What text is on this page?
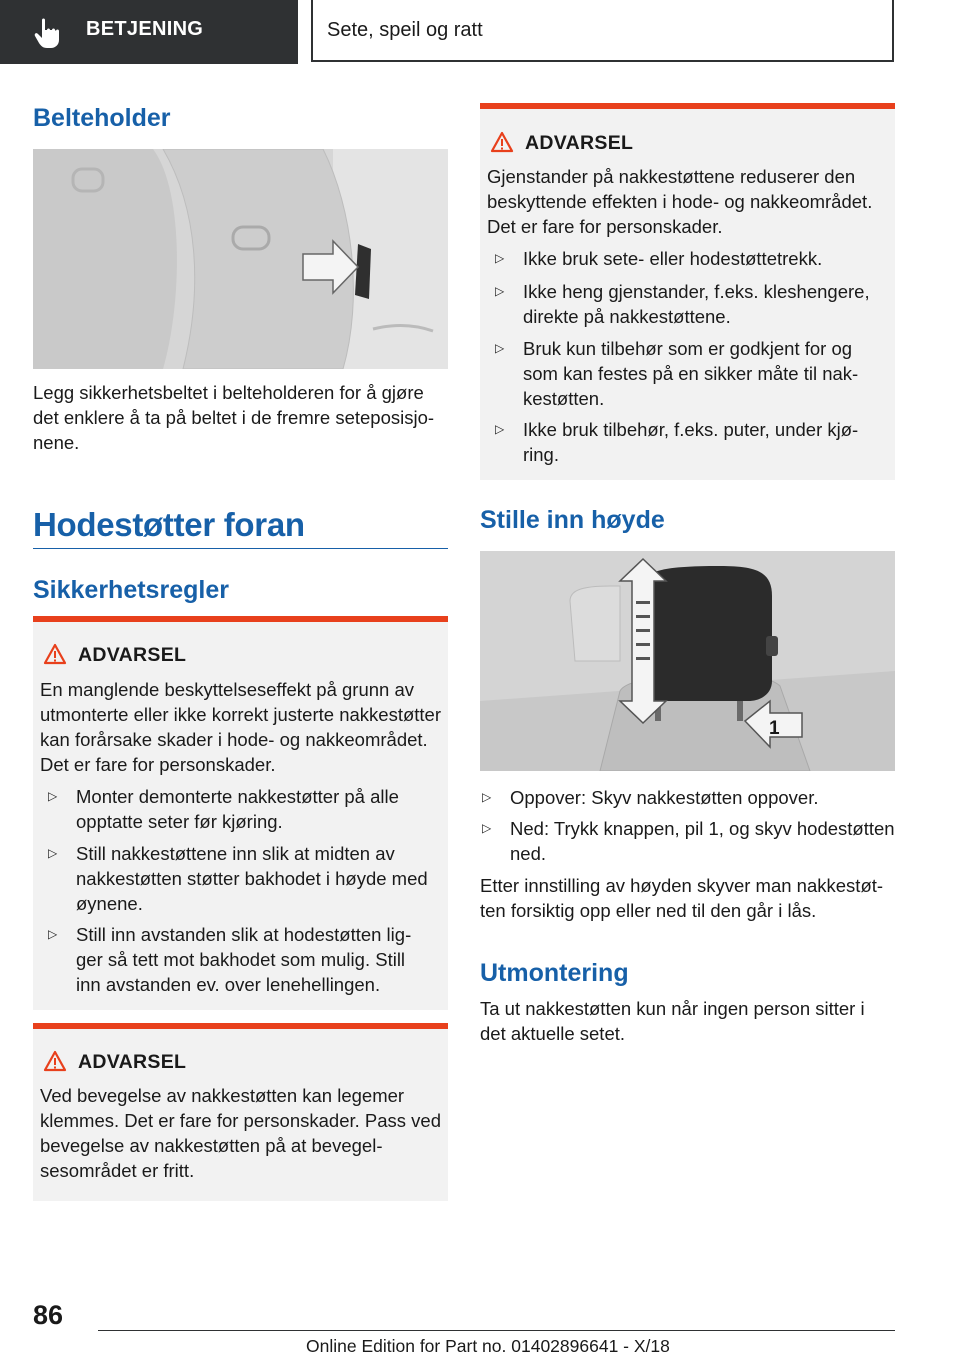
BETJENING	Sete, speil og ratt
Belteholder
Legg sikkerhetsbeltet i belteholderen for å gjøre det enklere å ta på beltet i de fremre seteposisjonene.
Hodestøtter foran
Sikkerhetsregler
ADVARSEL
En manglende beskyttelseseffekt på grunn av utmonterte eller ikke korrekt justerte nakkestøtter kan forårsake skader i hode- og nakkeområdet. Det er fare for personskader.
▷ Monter demonterte nakkestøtter på alle opptatte seter før kjøring.
▷ Still nakkestøttene inn slik at midten av nakkestøtten støtter bakhodet i høyde med øynene.
▷ Still inn avstanden slik at hodestøtten ligger så tett mot bakhodet som mulig. Still inn avstanden ev. over lenehellingen.
ADVARSEL
Ved bevegelse av nakkestøtten kan legemer klemmes. Det er fare for personskader. Pass ved bevegelse av nakkestøtten på at bevegelsesområdet er fritt.
ADVARSEL
Gjenstander på nakkestøttene reduserer den beskyttende effekten i hode- og nakkeområdet. Det er fare for personskader.
▷ Ikke bruk sete- eller hodestøttetrekk.
▷ Ikke heng gjenstander, f.eks. kleshengere, direkte på nakkestøttene.
▷ Bruk kun tilbehør som er godkjent for og som kan festes på en sikker måte til nakkestøtten.
▷ Ikke bruk tilbehør, f.eks. puter, under kjøring.
Stille inn høyde
1
▷ Oppover: Skyv nakkestøtten oppover.
▷ Ned: Trykk knappen, pil 1, og skyv hodestøtten ned.
Etter innstilling av høyden skyver man nakkestøtten forsiktig opp eller ned til den går i lås.
Utmontering
Ta ut nakkestøtten kun når ingen person sitter i det aktuelle setet.
86
Online Edition for Part no. 01402896641 - X/18
